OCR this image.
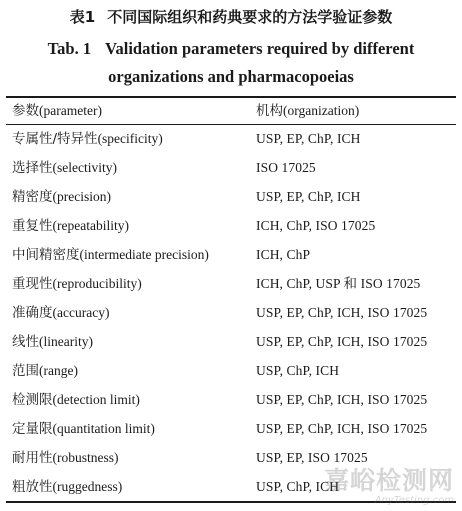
表1 不同国际组织和药典要求的方法学验证参数
Tab. 1 Validation parameters required by different
organizations and pharmacopoeias
参数(parameter)	机构(organization)
专属性/特异性(specificity)	USP, EP, ChP, ICH
选择性(selectivity)	ISO 17025
精密度(precision)	USP, EP, ChP, ICH
重复性(repeatability)	ICH, ChP, ISO 17025
中间精密度(intermediate precision)	ICH, ChP
重现性(reproducibility)	ICH, ChP, USP 和 ISO 17025
准确度(accuracy)	USP, EP, ChP, ICH, ISO 17025
线性(linearity)	USP, EP, ChP, ICH, ISO 17025
范围(range)	USP, ChP, ICH
检测限(detection limit)	USP, EP, ChP, ICH, ISO 17025
定量限(quantitation limit)	USP, EP, ChP, ICH, ISO 17025
耐用性(robustness)	USP, EP, ISO 17025
粗放性(ruggedness)	USP, ChP, ICH
嘉峪检测网
AnyTesting.com
